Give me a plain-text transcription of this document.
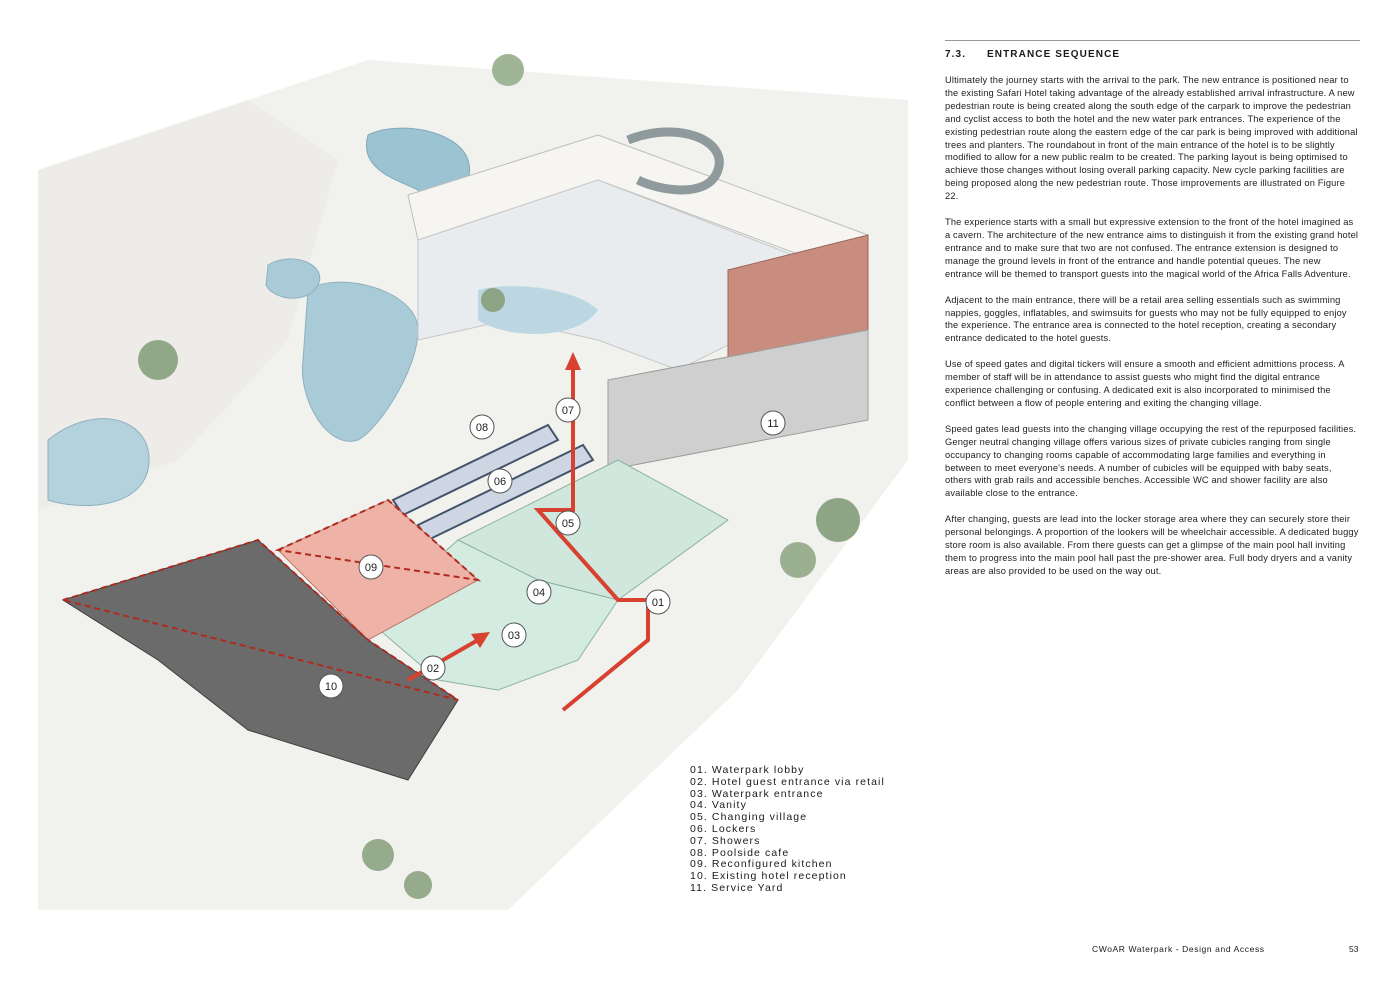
01
02
03
04
05
06
07
08
09
10
11
01. Waterpark lobby
02. Hotel guest entrance via retail
03. Waterpark entrance
04. Vanity
05. Changing village
06. Lockers
07. Showers
08. Poolside cafe
09. Reconfigured kitchen
10. Existing hotel reception
11. Service Yard
7.3.	ENTRANCE SEQUENCE

Ultimately the journey starts with the arrival to the park. The new entrance is positioned near to the existing Safari Hotel taking advantage of the already established arrival infrastructure. A new pedestrian route is being created along the south edge of the carpark to improve the pedestrian and cyclist access to both the hotel and the new water park entrances. The experience of the existing pedestrian route along the eastern edge of the car park is being improved with additional trees and planters. The roundabout in front of the main entrance of the hotel is to be slightly modified to allow for a new public realm to be created. The parking layout is being optimised to achieve those changes without losing overall parking capacity. New cycle parking facilities are being proposed along the new pedestrian route. Those improvements are illustrated on Figure 22.

The experience starts with a small but expressive extension to the front of the hotel imagined as a cavern. The architecture of the new entrance aims to distinguish it from the existing grand hotel entrance and to make sure that two are not confused. The entrance extension is designed to manage the ground levels in front of the entrance and handle potential queues. The new entrance will be themed to transport guests into the magical world of the Africa Falls Adventure.

Adjacent to the main entrance, there will be a retail area selling essentials such as swimming nappies, goggles, inflatables, and swimsuits for guests who may not be fully equipped to enjoy the experience. The entrance area is connected to the hotel reception, creating a secondary entrance dedicated to the hotel guests.

Use of speed gates and digital tickers will ensure a smooth and efficient admittions process. A member of staff will be in attendance to assist guests who might find the digital entrance experience challenging or confusing. A dedicated exit is also incorporated to minimised the conflict between a flow of people entering and exiting the changing village.

Speed gates lead guests into the changing village occupying the rest of the repurposed facilities. Genger neutral changing village offers various sizes of private cubicles ranging from single occupancy to changing rooms capable of accommodating large families and everything in between to meet everyone's needs. A number of cubicles will be equipped with baby seats, others with grab rails and accessible benches. Accessible WC and shower facility are also available close to the entrance.

After changing, guests are lead into the locker storage area where they can securely store their personal belongings. A proportion of the lookers will be wheelchair accessible. A dedicated buggy store room is also available. From there guests can get a glimpse of the main pool hall inviting them to progress into the main pool hall past the pre-shower area. Full body dryers and a vanity areas are also provided to be used on the way out.

CWoAR Waterpark - Design and Access	53
